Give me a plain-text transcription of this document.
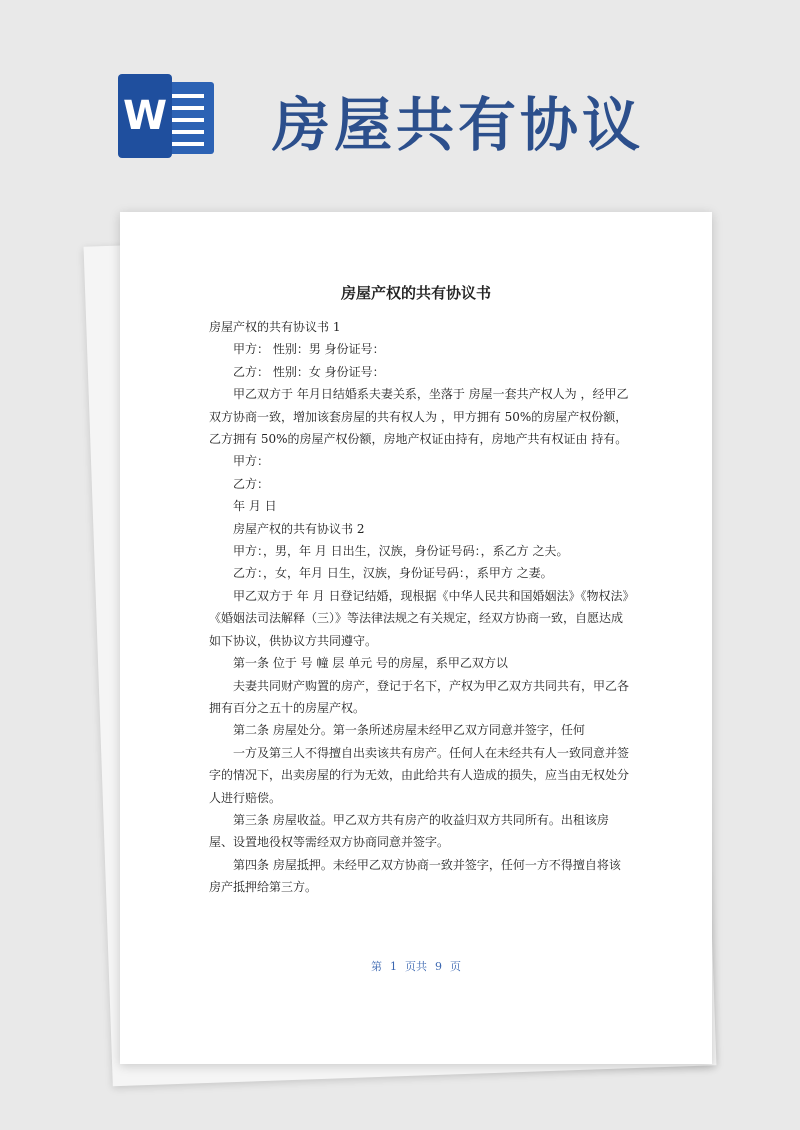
W 房屋共有协议
房屋产权的共有协议书

房屋产权的共有协议书 1

甲方： 性别：男 身份证号：

乙方： 性别：女 身份证号：

甲乙双方于 年月日结婚系夫妻关系，坐落于 房屋一套共产权人为 ，经甲乙双方协商一致，增加该套房屋的共有权人为 ，甲方拥有 50%的房屋产权份额，乙方拥有 50%的房屋产权份额，房地产权证由持有，房地产共有权证由 持有。

甲方：

乙方：

年 月 日

房屋产权的共有协议书 2

甲方：，男，年 月 日出生，汉族，身份证号码：，系乙方 之夫。

乙方：，女，年月 日生，汉族，身份证号码：，系甲方 之妻。

甲乙双方于 年 月 日登记结婚，现根据《中华人民共和国婚姻法》《物权法》《婚姻法司法解释（三）》等法律法规之有关规定，经双方协商一致，自愿达成如下协议，供协议方共同遵守。

第一条 位于 号 幢 层 单元 号的房屋，系甲乙双方以

夫妻共同财产购置的房产，登记于名下，产权为甲乙双方共同共有，甲乙各拥有百分之五十的房屋产权。

第二条 房屋处分。第一条所述房屋未经甲乙双方同意并签字，任何

一方及第三人不得擅自出卖该共有房产。任何人在未经共有人一致同意并签字的情况下，出卖房屋的行为无效，由此给共有人造成的损失，应当由无权处分人进行赔偿。

第三条 房屋收益。甲乙双方共有房产的收益归双方共同所有。出租该房屋、设置地役权等需经双方协商同意并签字。

第四条 房屋抵押。未经甲乙双方协商一致并签字，任何一方不得擅自将该房产抵押给第三方。

第 1 页共 9 页
